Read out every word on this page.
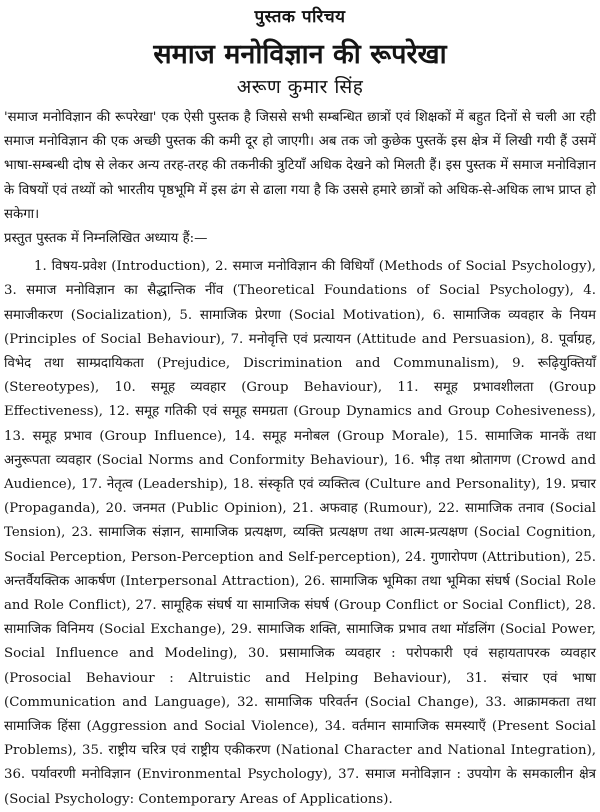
पुस्तक परिचय
समाज मनोविज्ञान की रूपरेखा
अरूण कुमार सिंह

'समाज मनोविज्ञान की रूपरेखा' एक ऐसी पुस्तक है जिससे सभी सम्बन्धित छात्रों एवं शिक्षकों में बहुत दिनों से चली आ रही समाज मनोविज्ञान की एक अच्छी पुस्तक की कमी दूर हो जाएगी। अब तक जो कुछेक पुस्तकें इस क्षेत्र में लिखी गयी हैं उसमें भाषा-सम्बन्धी दोष से लेकर अन्य तरह-तरह की तकनीकी त्रुटियाँ अधिक देखने को मिलती हैं। इस पुस्तक में समाज मनोविज्ञान के विषयों एवं तथ्यों को भारतीय पृष्ठभूमि में इस ढंग से ढाला गया है कि उससे हमारे छात्रों को अधिक-से-अधिक लाभ प्राप्त हो सकेगा।

प्रस्तुत पुस्तक में निम्नलिखित अध्याय हैं:—

1. विषय-प्रवेश (Introduction), 2. समाज मनोविज्ञान की विधियाँ (Methods of Social Psychology), 3. समाज मनोविज्ञान का सैद्धान्तिक नींव (Theoretical Foundations of Social Psychology), 4. समाजीकरण (Socialization), 5. सामाजिक प्रेरणा (Social Motivation), 6. सामाजिक व्यवहार के नियम (Principles of Social Behaviour), 7. मनोवृत्ति एवं प्रत्यायन (Attitude and Persuasion), 8. पूर्वाग्रह, विभेद तथा साम्प्रदायिकता (Prejudice, Discrimination and Communalism), 9. रूढ़ियुक्तियाँ (Stereotypes), 10. समूह व्यवहार (Group Behaviour), 11. समूह प्रभावशीलता (Group Effectiveness), 12. समूह गतिकी एवं समूह समग्रता (Group Dynamics and Group Cohesiveness), 13. समूह प्रभाव (Group Influence), 14. समूह मनोबल (Group Morale), 15. सामाजिक मानकें तथा अनुरूपता व्यवहार (Social Norms and Conformity Behaviour), 16. भीड़ तथा श्रोतागण (Crowd and Audience), 17. नेतृत्व (Leadership), 18. संस्कृति एवं व्यक्तित्व (Culture and Personality), 19. प्रचार (Propaganda), 20. जनमत (Public Opinion), 21. अफवाह (Rumour), 22. सामाजिक तनाव (Social Tension), 23. सामाजिक संज्ञान, सामाजिक प्रत्यक्षण, व्यक्ति प्रत्यक्षण तथा आत्म-प्रत्यक्षण (Social Cognition, Social Perception, Person-Perception and Self-perception), 24. गुणारोपण (Attribution), 25. अन्तर्वैयक्तिक आकर्षण (Interpersonal Attraction), 26. सामाजिक भूमिका तथा भूमिका संघर्ष (Social Role and Role Conflict), 27. सामूहिक संघर्ष या सामाजिक संघर्ष (Group Conflict or Social Conflict), 28. सामाजिक विनिमय (Social Exchange), 29. सामाजिक शक्ति, सामाजिक प्रभाव तथा मॉडलिंग (Social Power, Social Influence and Modeling), 30. प्रसामाजिक व्यवहार : परोपकारी एवं सहायतापरक व्यवहार (Prosocial Behaviour : Altruistic and Helping Behaviour), 31. संचार एवं भाषा (Communication and Language), 32. सामाजिक परिवर्तन (Social Change), 33. आक्रामकता तथा सामाजिक हिंसा (Aggression and Social Violence), 34. वर्तमान सामाजिक समस्याएँ (Present Social Problems), 35. राष्ट्रीय चरित्र एवं राष्ट्रीय एकीकरण (National Character and National Integration), 36. पर्यावरणी मनोविज्ञान (Environmental Psychology), 37. समाज मनोविज्ञान : उपयोग के समकालीन क्षेत्र (Social Psychology: Contemporary Areas of Applications).
